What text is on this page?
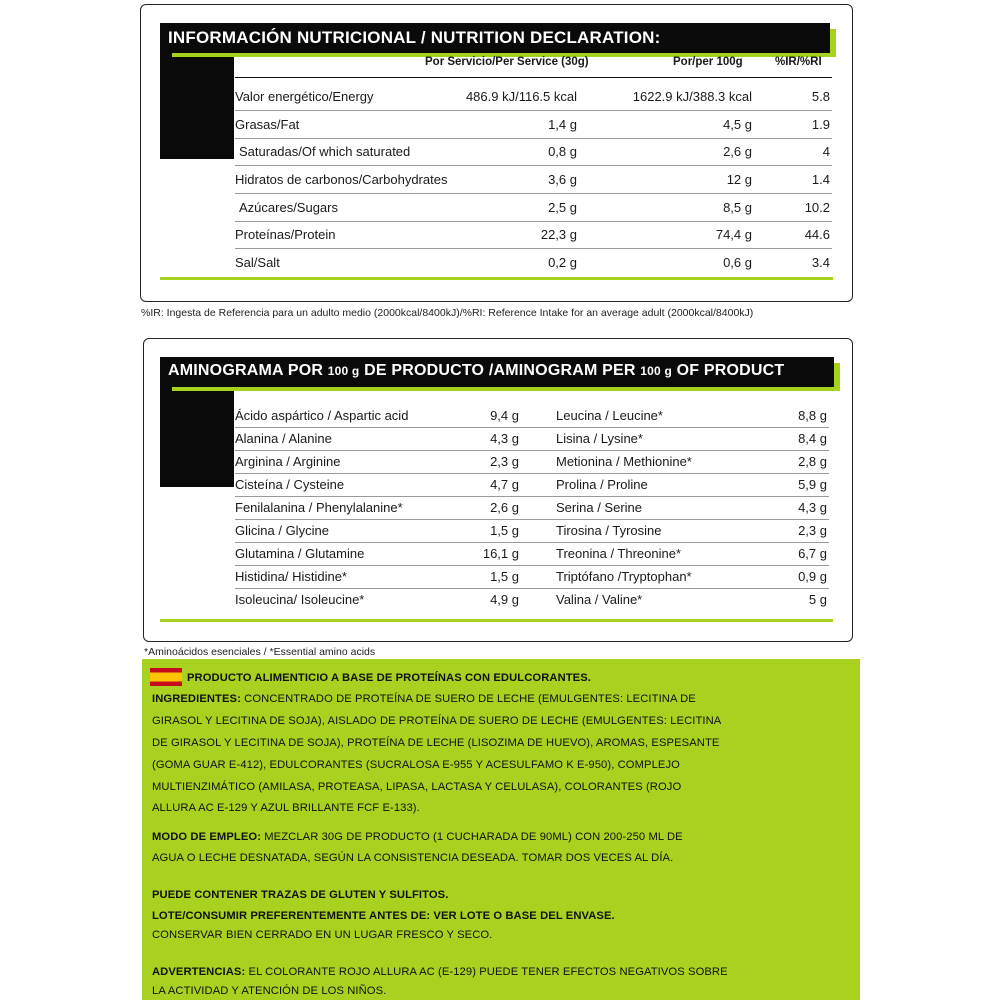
INFORMACIÓN NUTRICIONAL / NUTRITION DECLARATION:
Por Servicio/Per Service (30g)	Por/per 100g	%IR/%RI
Valor energético/Energy	486.9 kJ/116.5 kcal	1622.9 kJ/388.3 kcal	5.8
Grasas/Fat	1,4 g	4,5 g	1.9
Saturadas/Of which saturated	0,8 g	2,6 g	4
Hidratos de carbonos/Carbohydrates	3,6 g	12 g	1.4
Azúcares/Sugars	2,5 g	8,5 g	10.2
Proteínas/Protein	22,3 g	74,4 g	44.6
Sal/Salt	0,2 g	0,6 g	3.4
%IR: Ingesta de Referencia para un adulto medio (2000kcal/8400kJ)/%RI: Reference Intake for an average adult (2000kcal/8400kJ)
AMINOGRAMA POR 100 g DE PRODUCTO /AMINOGRAM PER 100 g OF PRODUCT
Ácido aspártico / Aspartic acid	9,4 g	Leucina / Leucine*	8,8 g
Alanina / Alanine	4,3 g	Lisina / Lysine*	8,4 g
Arginina / Arginine	2,3 g	Metionina / Methionine*	2,8 g
Cisteína / Cysteine	4,7 g	Prolina / Proline	5,9 g
Fenilalanina / Phenylalanine*	2,6 g	Serina / Serine	4,3 g
Glicina / Glycine	1,5 g	Tirosina / Tyrosine	2,3 g
Glutamina / Glutamine	16,1 g	Treonina / Threonine*	6,7 g
Histidina/ Histidine*	1,5 g	Triptófano /Tryptophan*	0,9 g
Isoleucina/ Isoleucine*	4,9 g	Valina / Valine*	5 g
*Aminoácidos esenciales / *Essential amino acids
PRODUCTO ALIMENTICIO A BASE DE PROTEÍNAS CON EDULCORANTES.
INGREDIENTES: CONCENTRADO DE PROTEÍNA DE SUERO DE LECHE (EMULGENTES: LECITINA DE
GIRASOL Y LECITINA DE SOJA), AISLADO DE PROTEÍNA DE SUERO DE LECHE (EMULGENTES: LECITINA
DE GIRASOL Y LECITINA DE SOJA), PROTEÍNA DE LECHE (LISOZIMA DE HUEVO), AROMAS, ESPESANTE
(GOMA GUAR E-412), EDULCORANTES (SUCRALOSA E-955 Y ACESULFAMO K E-950), COMPLEJO
MULTIENZIMÁTICO (AMILASA, PROTEASA, LIPASA, LACTASA Y CELULASA), COLORANTES (ROJO
ALLURA AC E-129 Y AZUL BRILLANTE FCF E-133).
MODO DE EMPLEO: MEZCLAR 30G DE PRODUCTO (1 CUCHARADA DE 90ML) CON 200-250 ML DE
AGUA O LECHE DESNATADA, SEGÚN LA CONSISTENCIA DESEADA. TOMAR DOS VECES AL DÍA.
PUEDE CONTENER TRAZAS DE GLUTEN Y SULFITOS.
LOTE/CONSUMIR PREFERENTEMENTE ANTES DE: VER LOTE O BASE DEL ENVASE.
CONSERVAR BIEN CERRADO EN UN LUGAR FRESCO Y SECO.
ADVERTENCIAS: EL COLORANTE ROJO ALLURA AC (E-129) PUEDE TENER EFECTOS NEGATIVOS SOBRE
LA ACTIVIDAD Y ATENCIÓN DE LOS NIÑOS.
